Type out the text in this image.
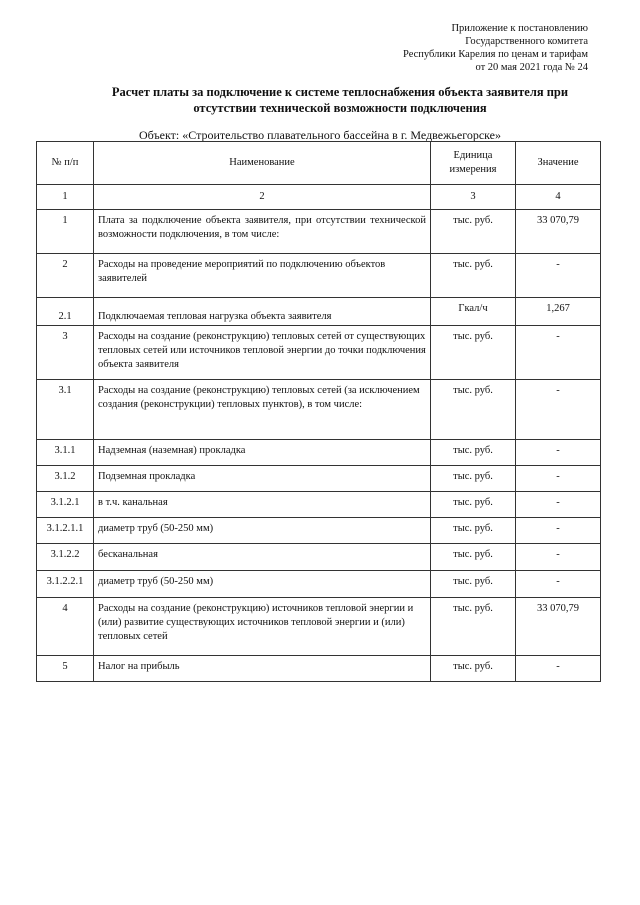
Приложение к постановлению
Государственного комитета
Республики Карелия по ценам и тарифам
от 20 мая 2021 года № 24
Расчет платы за подключение к системе теплоснабжения объекта заявителя при
отсутствии технической возможности подключения
Объект: «Строительство плавательного бассейна в г. Медвежьегорске»
№ п/п	Наименование	Единица измерения	Значение
1	2	3	4
1	Плата за подключение объекта заявителя, при отсутствии технической возможности подключения, в том числе:	тыс. руб.	33 070,79
2	Расходы на проведение мероприятий по подключению объектов заявителей	тыс. руб.	-
2.1	Подключаемая тепловая нагрузка объекта заявителя	Гкал/ч	1,267
3	Расходы на создание (реконструкцию) тепловых сетей от существующих тепловых сетей или источников тепловой энергии до точки подключения объекта заявителя	тыс. руб.	-
3.1	Расходы на создание (реконструкцию) тепловых сетей (за исключением создания (реконструкции) тепловых пунктов), в том числе:	тыс. руб.	-
3.1.1	Надземная (наземная) прокладка	тыс. руб.	-
3.1.2	Подземная прокладка	тыс. руб.	-
3.1.2.1	в т.ч. канальная	тыс. руб.	-
3.1.2.1.1	диаметр труб (50-250 мм)	тыс. руб.	-
3.1.2.2	бесканальная	тыс. руб.	-
3.1.2.2.1	диаметр труб (50-250 мм)	тыс. руб.	-
4	Расходы на создание (реконструкцию) источников тепловой энергии и (или) развитие существующих источников тепловой энергии и (или) тепловых сетей	тыс. руб.	33 070,79
5	Налог на прибыль	тыс. руб.	-
